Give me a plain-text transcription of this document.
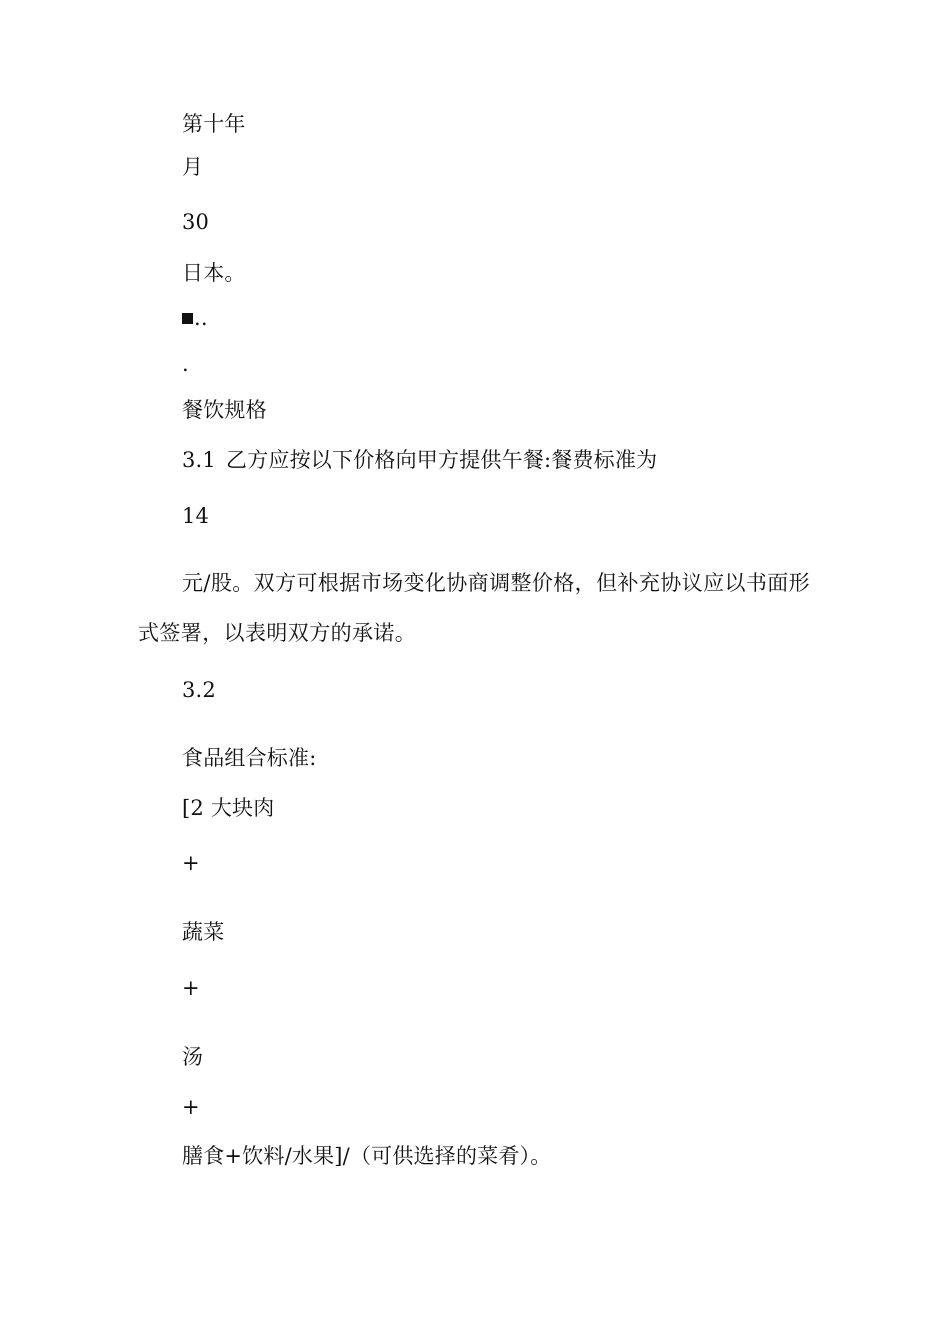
第十年
月
30
日本。
..
.
餐饮规格
3.1 乙方应按以下价格向甲方提供午餐:餐费标准为
14
元/股。双方可根据市场变化协商调整价格，但补充协议应以书面形式签署，以表明双方的承诺。
3.2
食品组合标准:
[2 大块肉
+
蔬菜
+
汤
+
膳食+饮料/水果]/（可供选择的菜肴）。
